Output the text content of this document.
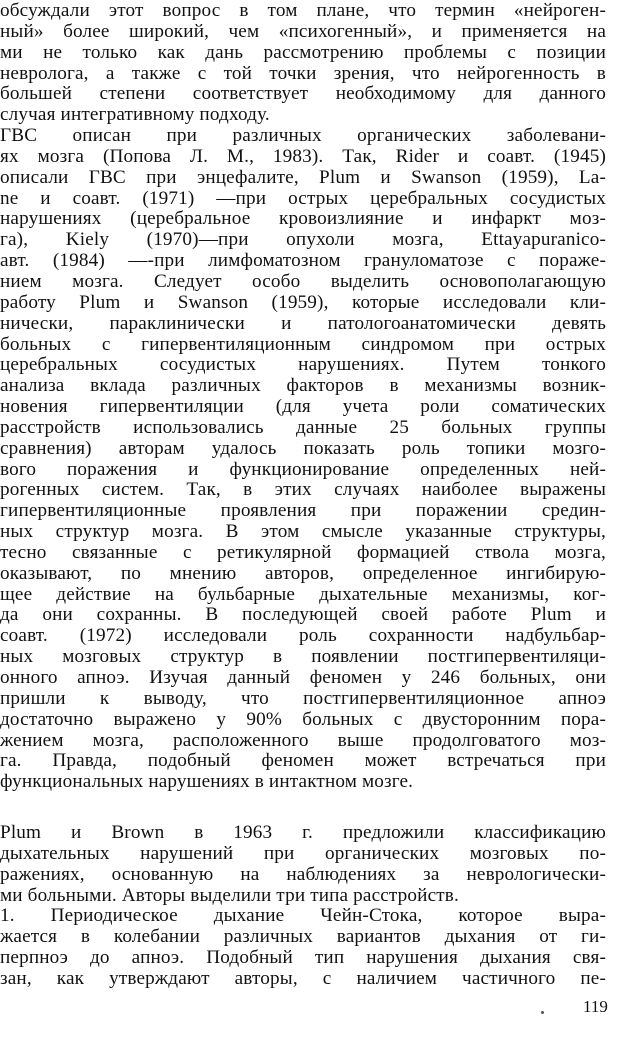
обсуждали этот вопрос в том плане, что термин «нейроген-
ный» более широкий, чем «психогенный», и применяется на
ми не только как дань рассмотрению проблемы с позиции
невролога, а также с той точки зрения, что нейрогенность в
большей степени соответствует необходимому для данного
случая интегративному подходу.
ГВС описан при различных органических заболевани-
ях мозга (Попова Л. М., 1983). Так, Rider и соавт. (1945)
описали ГВС при энцефалите, Plum и Swanson (1959), La-
ne и соавт. (1971) —при острых церебральных сосудистых
нарушениях (церебральное кровоизлияние и инфаркт моз-
га), Kiely (1970)—при опухоли мозга, Ettayapuranicо-
авт. (1984) —-при лимфоматозном грануломатозе с пораже-
нием мозга. Следует особо выделить основополагающую
работу Plum и Swanson (1959), которые исследовали кли-
нически, параклинически и патологоанатомически девять
больных с гипервентиляционным синдромом при острых
церебральных сосудистых нарушениях. Путем тонкого
анализа вклада различных факторов в механизмы возник-
новения гипервентиляции (для учета роли соматических
расстройств использовались данные 25 больных группы
сравнения) авторам удалось показать роль топики мозго-
вого поражения и функционирование определенных ней-
рогенных систем. Так, в этих случаях наиболее выражены
гипервентиляционные проявления при поражении средин-
ных структур мозга. В этом смысле указанные структуры,
тесно связанные с ретикулярной формацией ствола мозга,
оказывают, по мнению авторов, определенное ингибирую-
щее действие на бульбарные дыхательные механизмы, ког-
да они сохранны. В последующей своей работе Plum и
соавт. (1972) исследовали роль сохранности надбульбар-
ных мозговых структур в появлении постгипервентиляци-
онного апноэ. Изучая данный феномен у 246 больных, они
пришли к выводу, что постгипервентиляционное апноэ
достаточно выражено у 90% больных с двусторонним пора-
жением мозга, расположенного выше продолговатого моз-
га. Правда, подобный феномен может встречаться при
функциональных нарушениях в интактном мозге.
Plum и Brown в 1963 г. предложили классификацию
дыхательных нарушений при органических мозговых по-
ражениях, основанную на наблюдениях за неврологически-
ми больными. Авторы выделили три типа расстройств.
1. Периодическое дыхание Чейн-Стока, которое выра-
жается в колебании различных вариантов дыхания от ги-
перпноэ до апноэ. Подобный тип нарушения дыхания свя-
зан, как утверждают авторы, с наличием частичного пе-
119
